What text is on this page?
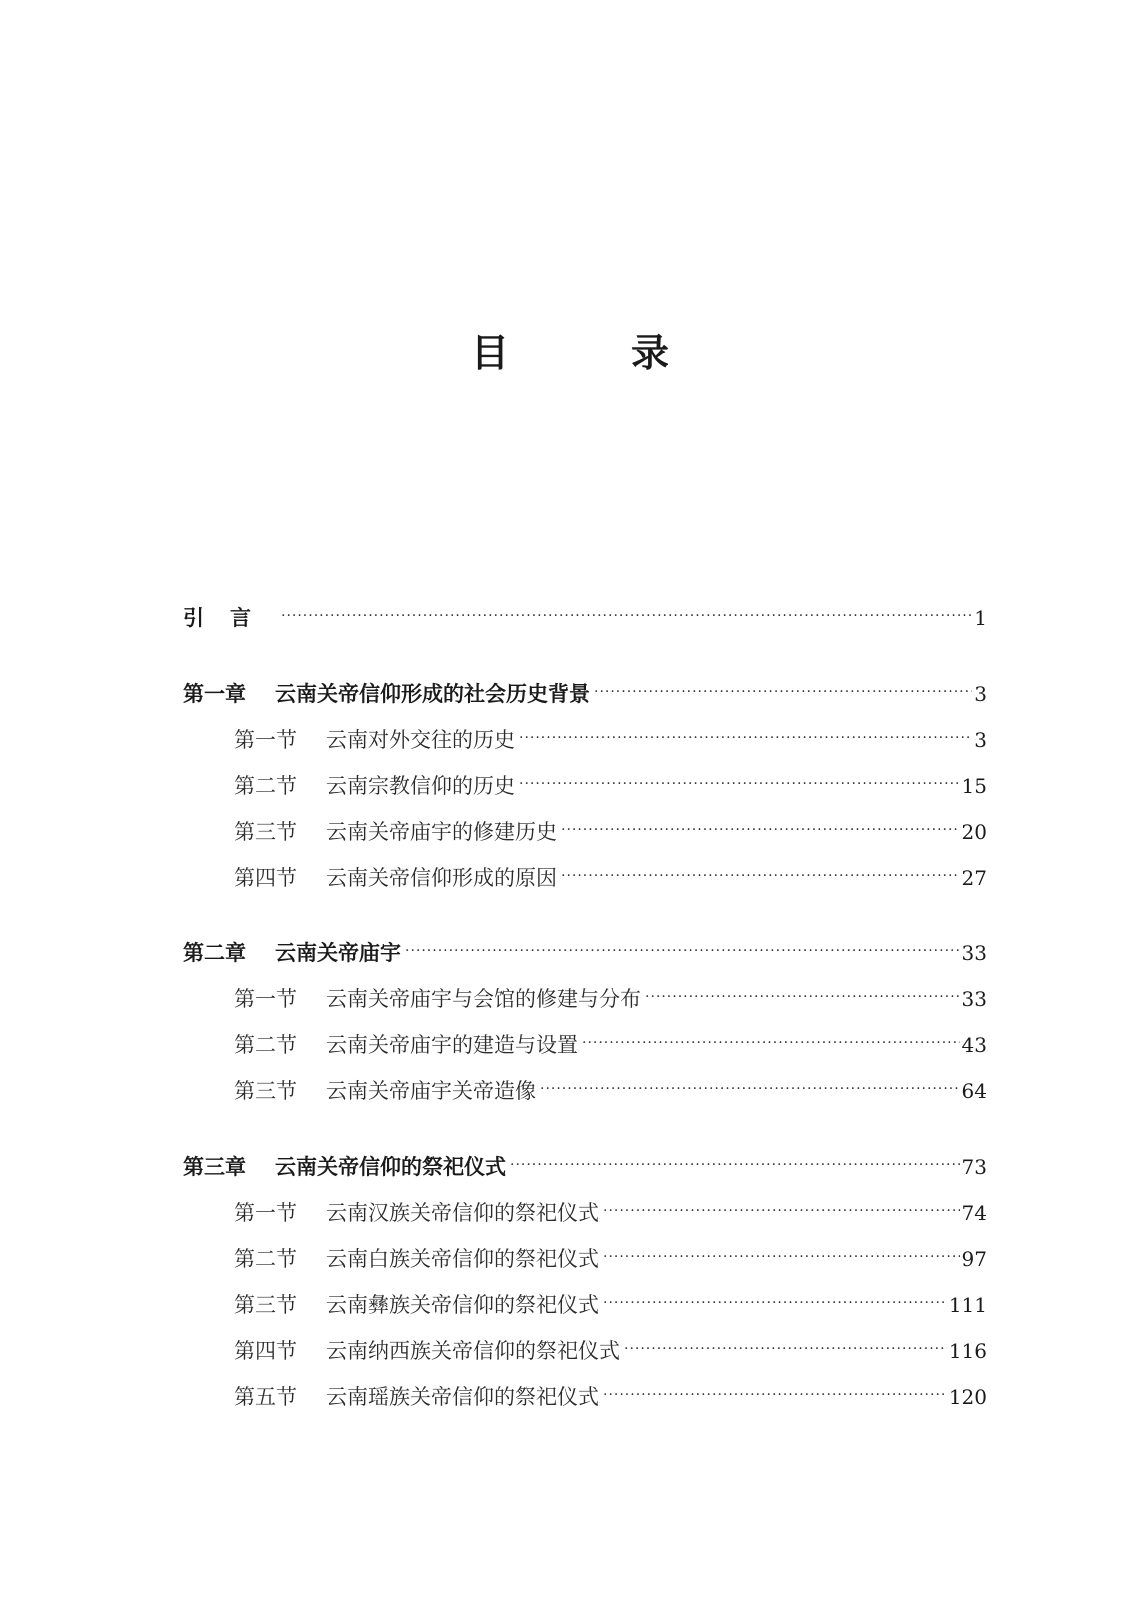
目　录
引言 .....	1
第一章	云南关帝信仰形成的社会历史背景 .....	3
第一节	云南对外交往的历史 .....	3
第二节	云南宗教信仰的历史 .....	15
第三节	云南关帝庙宇的修建历史 .....	20
第四节	云南关帝信仰形成的原因 .....	27
第二章	云南关帝庙宇 .....	33
第一节	云南关帝庙宇与会馆的修建与分布 .....	33
第二节	云南关帝庙宇的建造与设置 .....	43
第三节	云南关帝庙宇关帝造像 .....	64
第三章	云南关帝信仰的祭祀仪式 .....	73
第一节	云南汉族关帝信仰的祭祀仪式 .....	74
第二节	云南白族关帝信仰的祭祀仪式 .....	97
第三节	云南彝族关帝信仰的祭祀仪式 .....	111
第四节	云南纳西族关帝信仰的祭祀仪式 .....	116
第五节	云南瑶族关帝信仰的祭祀仪式 .....	120
